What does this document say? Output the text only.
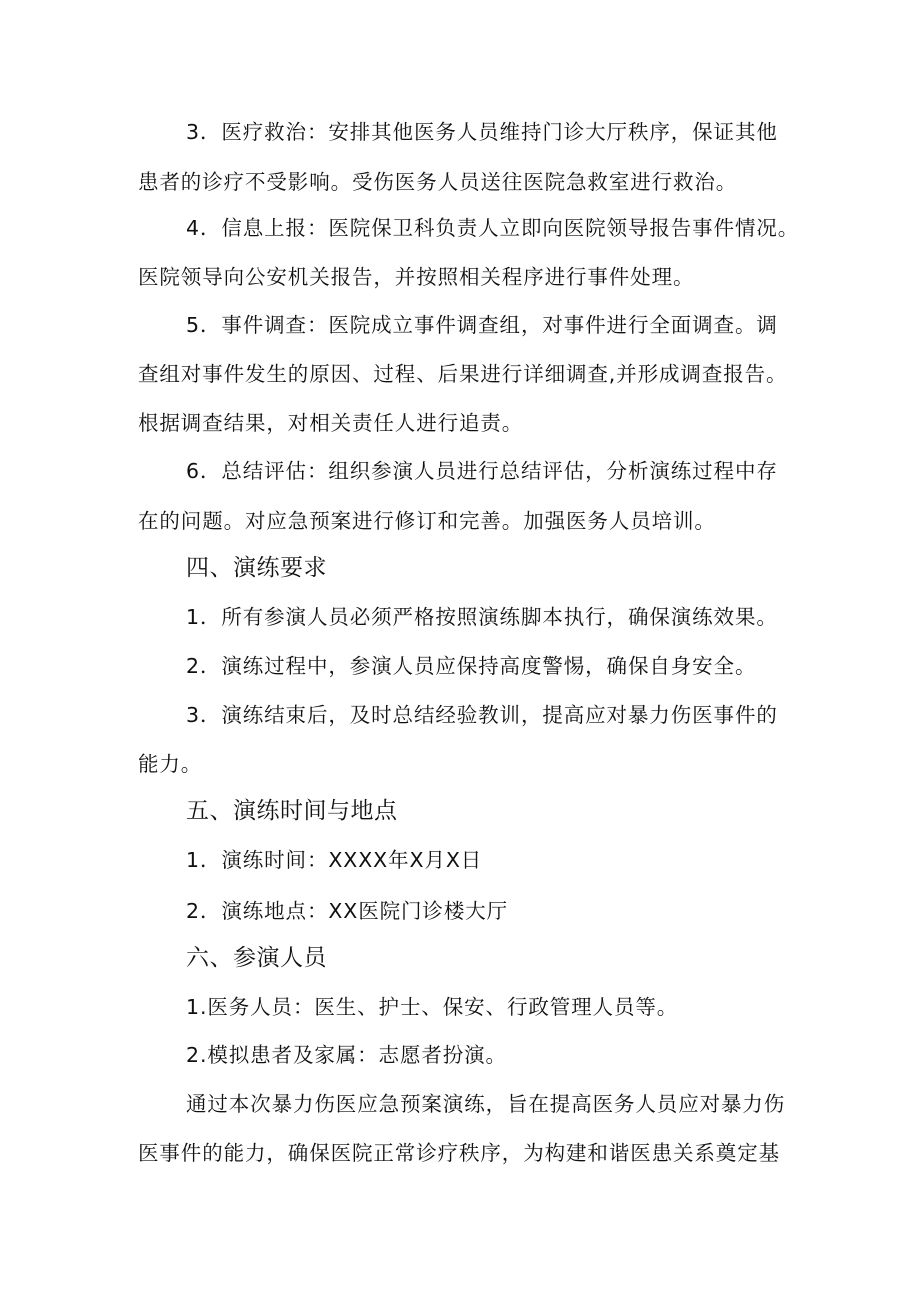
3．医疗救治：安排其他医务人员维持门诊大厅秩序，保证其他
患者的诊疗不受影响。受伤医务人员送往医院急救室进行救治。
4．信息上报：医院保卫科负责人立即向医院领导报告事件情况。
医院领导向公安机关报告，并按照相关程序进行事件处理。
5．事件调查：医院成立事件调查组，对事件进行全面调查。调
查组对事件发生的原因、过程、后果进行详细调查,并形成调查报告。
根据调查结果，对相关责任人进行追责。
6．总结评估：组织参演人员进行总结评估，分析演练过程中存
在的问题。对应急预案进行修订和完善。加强医务人员培训。
四、演练要求
1．所有参演人员必须严格按照演练脚本执行，确保演练效果。
2．演练过程中，参演人员应保持高度警惕，确保自身安全。
3．演练结束后，及时总结经验教训，提高应对暴力伤医事件的
能力。
五、演练时间与地点
1．演练时间：XXXX年X月X日
2．演练地点：XX医院门诊楼大厅
六、参演人员
1.医务人员：医生、护士、保安、行政管理人员等。
2.模拟患者及家属：志愿者扮演。
通过本次暴力伤医应急预案演练，旨在提高医务人员应对暴力伤
医事件的能力，确保医院正常诊疗秩序，为构建和谐医患关系奠定基
